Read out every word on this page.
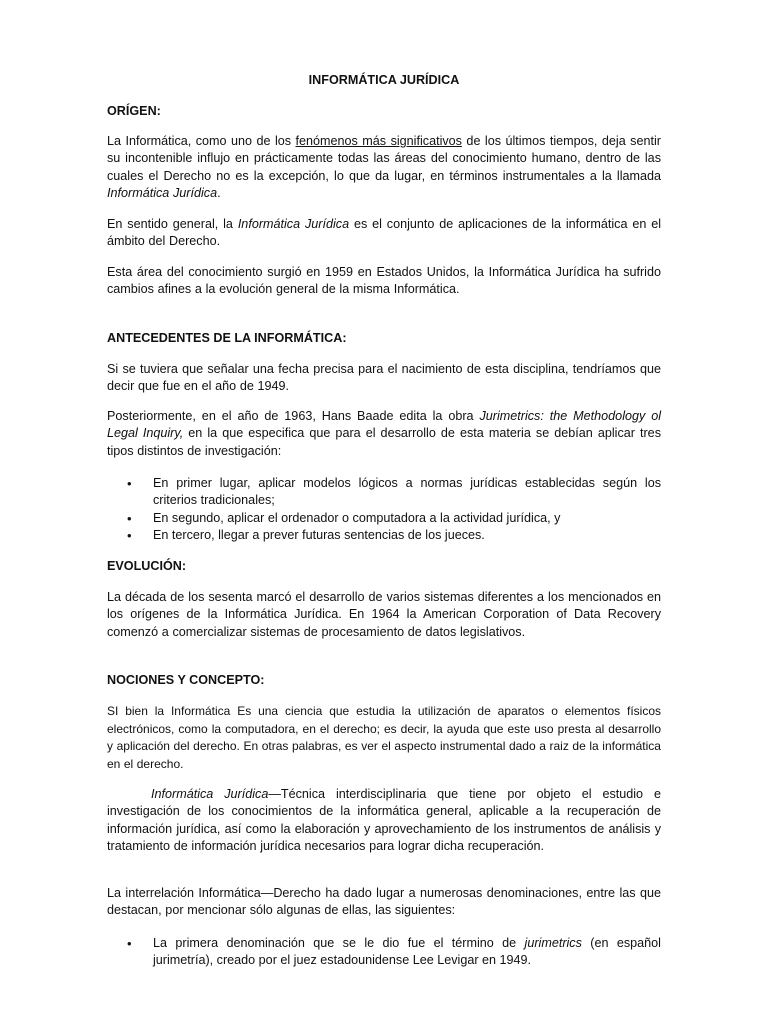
INFORMÁTICA JURÍDICA
ORÍGEN:
La Informática, como uno de los fenómenos más significativos de los últimos tiempos, deja sentir su incontenible influjo en prácticamente todas las áreas del conocimiento humano, dentro de las cuales el Derecho no es la excepción, lo que da lugar, en términos instrumentales a la llamada Informática Jurídica.
En sentido general, la Informática Jurídica es el conjunto de aplicaciones de la informática en el ámbito del Derecho.
Esta área del conocimiento surgió en 1959 en Estados Unidos, la Informática Jurídica ha sufrido cambios afines a la evolución general de la misma Informática.
ANTECEDENTES DE LA INFORMÁTICA:
Si se tuviera que señalar una fecha precisa para el nacimiento de esta disciplina, tendríamos que decir que fue en el año de 1949.
Posteriormente, en el año de 1963, Hans Baade edita la obra Jurimetrics: the Methodology ol Legal Inquiry, en la que especifica que para el desarrollo de esta materia se debían aplicar tres tipos distintos de investigación:
• En primer lugar, aplicar modelos lógicos a normas jurídicas establecidas según los criterios tradicionales;
• En segundo, aplicar el ordenador o computadora a la actividad jurídica, y
• En tercero, llegar a prever futuras sentencias de los jueces.
EVOLUCIÓN:
La década de los sesenta marcó el desarrollo de varios sistemas diferentes a los mencionados en los orígenes de la Informática Jurídica. En 1964 la American Corporation of Data Recovery comenzó a comercializar sistemas de procesamiento de datos legislativos.
NOCIONES Y CONCEPTO:
SI bien la Informática Es una ciencia que estudia la utilización de aparatos o elementos físicos electrónicos, como la computadora, en el derecho; es decir, la ayuda que este uso presta al desarrollo y aplicación del derecho. En otras palabras, es ver el aspecto instrumental dado a raiz de la informática en el derecho.
Informática Jurídica—Técnica interdisciplinaria que tiene por objeto el estudio e investigación de los conocimientos de la informática general, aplicable a la recuperación de información jurídica, así como la elaboración y aprovechamiento de los instrumentos de análisis y tratamiento de información jurídica necesarios para lograr dicha recuperación.
La interrelación Informática—Derecho ha dado lugar a numerosas denominaciones, entre las que destacan, por mencionar sólo algunas de ellas, las siguientes:
• La primera denominación que se le dio fue el término de jurimetrics (en español jurimetría), creado por el juez estadounidense Lee Levigar en 1949.
